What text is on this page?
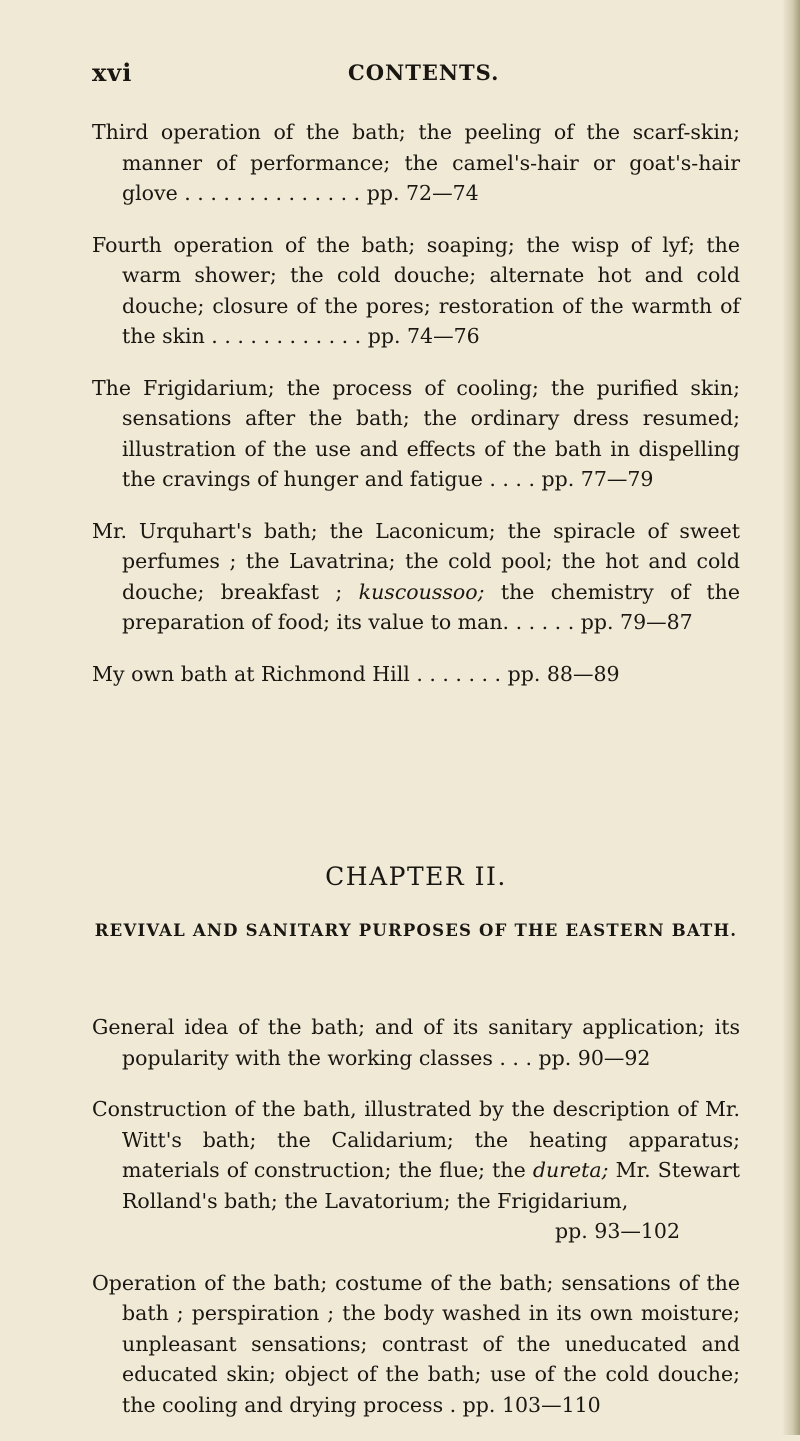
xvi	CONTENTS.

Third operation of the bath; the peeling of the scarf-skin; manner of performance; the camel's-hair or goat's-hair glove . . . . . . . . . . . . . . pp. 72—74

Fourth operation of the bath; soaping; the wisp of lyf; the warm shower; the cold douche; alternate hot and cold douche; closure of the pores; restoration of the warmth of the skin . . . . . . . . . . . . pp. 74—76

The Frigidarium; the process of cooling; the purified skin; sensations after the bath; the ordinary dress resumed; illustration of the use and effects of the bath in dispelling the cravings of hunger and fatigue . . . . pp. 77—79

Mr. Urquhart's bath; the Laconicum; the spiracle of sweet perfumes ; the Lavatrina; the cold pool; the hot and cold douche; breakfast ; kuscoussoo; the chemistry of the preparation of food; its value to man. . . . . . pp. 79—87

My own bath at Richmond Hill . . . . . . . pp. 88—89

CHAPTER II.
REVIVAL AND SANITARY PURPOSES OF THE EASTERN BATH.

General idea of the bath; and of its sanitary application; its popularity with the working classes . . . pp. 90—92

Construction of the bath, illustrated by the description of Mr. Witt's bath; the Calidarium; the heating apparatus; materials of construction; the flue; the dureta; Mr. Stewart Rolland's bath; the Lavatorium; the Frigidarium,
pp. 93—102

Operation of the bath; costume of the bath; sensations of the bath ; perspiration ; the body washed in its own moisture; unpleasant sensations; contrast of the uneducated and educated skin; object of the bath; use of the cold douche; the cooling and drying process . pp. 103—110
